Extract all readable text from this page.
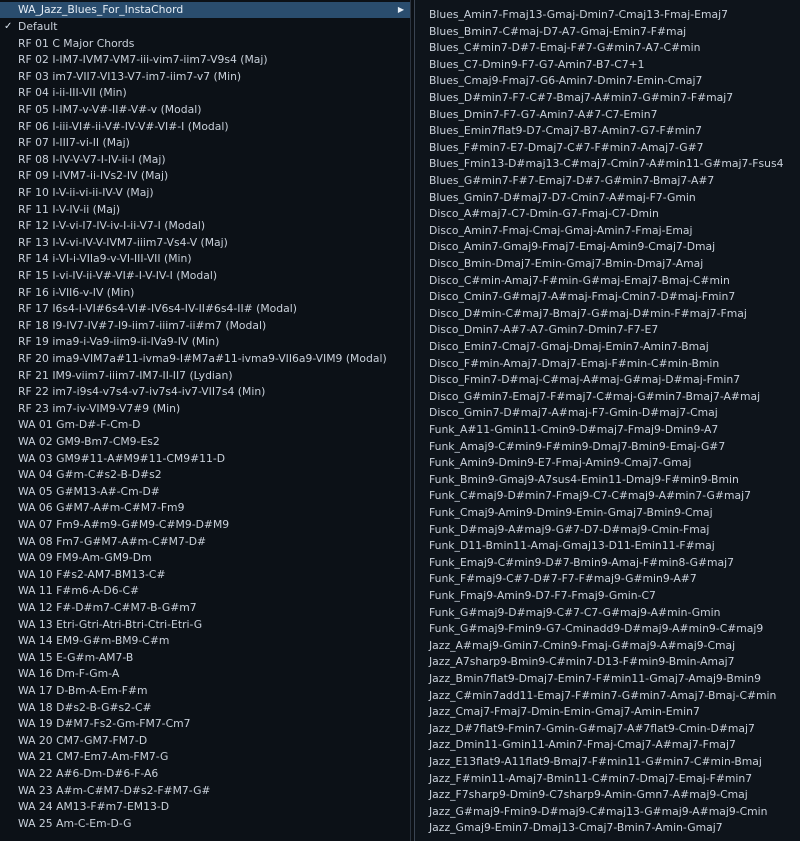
WA_Jazz_Blues_For_InstaChord	▶
✓ Default
RF 01 C Major Chords
RF 02 I-IM7-IVM7-VM7-iii-vim7-iim7-V9s4 (Maj)
RF 03 im7-VII7-VI13-V7-im7-iim7-v7 (Min)
RF 04 i-ii-III-VII (Min)
RF 05 I-IM7-v-V#-II#-V#-v (Modal)
RF 06 I-iii-VI#-ii-V#-IV-V#-VI#-I (Modal)
RF 07 I-III7-vi-II (Maj)
RF 08 I-IV-V-V7-I-IV-ii-I (Maj)
RF 09 I-IVM7-ii-IVs2-IV (Maj)
RF 10 I-V-ii-vi-ii-IV-V (Maj)
RF 11 I-V-IV-ii (Maj)
RF 12 I-V-vi-I7-IV-iv-I-ii-V7-I (Modal)
RF 13 I-V-vi-IV-V-IVM7-iiim7-Vs4-V (Maj)
RF 14 i-VI-i-VIIa9-v-VI-III-VII (Min)
RF 15 I-vi-IV-ii-V#-VI#-I-V-IV-I (Modal)
RF 16 i-VII6-v-IV (Min)
RF 17 I6s4-I-VI#6s4-VI#-IV6s4-IV-II#6s4-II# (Modal)
RF 18 I9-IV7-IV#7-I9-iim7-iiim7-ii#m7 (Modal)
RF 19 ima9-i-Va9-iim9-ii-IVa9-IV (Min)
RF 20 ima9-VIM7a#11-ivma9-I#M7a#11-ivma9-VII6a9-VIM9 (Modal)
RF 21 IM9-viim7-iiim7-IM7-II-II7 (Lydian)
RF 22 im7-i9s4-v7s4-v7-iv7s4-iv7-VII7s4 (Min)
RF 23 im7-iv-VIM9-V7#9 (Min)
WA 01 Gm-D#-F-Cm-D
WA 02 GM9-Bm7-CM9-Es2
WA 03 GM9#11-A#M9#11-CM9#11-D
WA 04 G#m-C#s2-B-D#s2
WA 05 G#M13-A#-Cm-D#
WA 06 G#M7-A#m-C#M7-Fm9
WA 07 Fm9-A#m9-G#M9-C#M9-D#M9
WA 08 Fm7-G#M7-A#m-C#M7-D#
WA 09 FM9-Am-GM9-Dm
WA 10 F#s2-AM7-BM13-C#
WA 11 F#m6-A-D6-C#
WA 12 F#-D#m7-C#M7-B-G#m7
WA 13 Etri-Gtri-Atri-Btri-Ctri-Etri-G
WA 14 EM9-G#m-BM9-C#m
WA 15 E-G#m-AM7-B
WA 16 Dm-F-Gm-A
WA 17 D-Bm-A-Em-F#m
WA 18 D#s2-B-G#s2-C#
WA 19 D#M7-Fs2-Gm-FM7-Cm7
WA 20 CM7-GM7-FM7-D
WA 21 CM7-Em7-Am-FM7-G
WA 22 A#6-Dm-D#6-F-A6
WA 23 A#m-C#M7-D#s2-F#M7-G#
WA 24 AM13-F#m7-EM13-D
WA 25 Am-C-Em-D-G
Blues_Amin7-Fmaj13-Gmaj-Dmin7-Cmaj13-Fmaj-Emaj7
Blues_Bmin7-C#maj-D7-A7-Gmaj-Emin7-F#maj
Blues_C#min7-D#7-Emaj-F#7-G#min7-A7-C#min
Blues_C7-Dmin9-F7-G7-Amin7-B7-C7+1
Blues_Cmaj9-Fmaj7-G6-Amin7-Dmin7-Emin-Cmaj7
Blues_D#min7-F7-C#7-Bmaj7-A#min7-G#min7-F#maj7
Blues_Dmin7-F7-G7-Amin7-A#7-C7-Emin7
Blues_Emin7flat9-D7-Cmaj7-B7-Amin7-G7-F#min7
Blues_F#min7-E7-Dmaj7-C#7-F#min7-Amaj7-G#7
Blues_Fmin13-D#maj13-C#maj7-Cmin7-A#min11-G#maj7-Fsus4
Blues_G#min7-F#7-Emaj7-D#7-G#min7-Bmaj7-A#7
Blues_Gmin7-D#maj7-D7-Cmin7-A#maj-F7-Gmin
Disco_A#maj7-C7-Dmin-G7-Fmaj-C7-Dmin
Disco_Amin7-Fmaj-Cmaj-Gmaj-Amin7-Fmaj-Emaj
Disco_Amin7-Gmaj9-Fmaj7-Emaj-Amin9-Cmaj7-Dmaj
Disco_Bmin-Dmaj7-Emin-Gmaj7-Bmin-Dmaj7-Amaj
Disco_C#min-Amaj7-F#min-G#maj-Emaj7-Bmaj-C#min
Disco_Cmin7-G#maj7-A#maj-Fmaj-Cmin7-D#maj-Fmin7
Disco_D#min-C#maj7-Bmaj7-G#maj-D#min-F#maj7-Fmaj
Disco_Dmin7-A#7-A7-Gmin7-Dmin7-F7-E7
Disco_Emin7-Cmaj7-Gmaj-Dmaj-Emin7-Amin7-Bmaj
Disco_F#min-Amaj7-Dmaj7-Emaj-F#min-C#min-Bmin
Disco_Fmin7-D#maj-C#maj-A#maj-G#maj-D#maj-Fmin7
Disco_G#min7-Emaj7-F#maj7-C#maj-G#min7-Bmaj7-A#maj
Disco_Gmin7-D#maj7-A#maj-F7-Gmin-D#maj7-Cmaj
Funk_A#11-Gmin11-Cmin9-D#maj7-Fmaj9-Dmin9-A7
Funk_Amaj9-C#min9-F#min9-Dmaj7-Bmin9-Emaj-G#7
Funk_Amin9-Dmin9-E7-Fmaj-Amin9-Cmaj7-Gmaj
Funk_Bmin9-Gmaj9-A7sus4-Emin11-Dmaj9-F#min9-Bmin
Funk_C#maj9-D#min7-Fmaj9-C7-C#maj9-A#min7-G#maj7
Funk_Cmaj9-Amin9-Dmin9-Emin-Gmaj7-Bmin9-Cmaj
Funk_D#maj9-A#maj9-G#7-D7-D#maj9-Cmin-Fmaj
Funk_D11-Bmin11-Amaj-Gmaj13-D11-Emin11-F#maj
Funk_Emaj9-C#min9-D#7-Bmin9-Amaj-F#min8-G#maj7
Funk_F#maj9-C#7-D#7-F7-F#maj9-G#min9-A#7
Funk_Fmaj9-Amin9-D7-F7-Fmaj9-Gmin-C7
Funk_G#maj9-D#maj9-C#7-C7-G#maj9-A#min-Gmin
Funk_G#maj9-Fmin9-G7-Cminadd9-D#maj9-A#min9-C#maj9
Jazz_A#maj9-Gmin7-Cmin9-Fmaj-G#maj9-A#maj9-Cmaj
Jazz_A7sharp9-Bmin9-C#min7-D13-F#min9-Bmin-Amaj7
Jazz_Bmin7flat9-Dmaj7-Emin7-F#min11-Gmaj7-Amaj9-Bmin9
Jazz_C#min7add11-Emaj7-F#min7-G#min7-Amaj7-Bmaj-C#min
Jazz_Cmaj7-Fmaj7-Dmin-Emin-Gmaj7-Amin-Emin7
Jazz_D#7flat9-Fmin7-Gmin-G#maj7-A#7flat9-Cmin-D#maj7
Jazz_Dmin11-Gmin11-Amin7-Fmaj-Cmaj7-A#maj7-Fmaj7
Jazz_E13flat9-A11flat9-Bmaj7-F#min11-G#min7-C#min-Bmaj
Jazz_F#min11-Amaj7-Bmin11-C#min7-Dmaj7-Emaj-F#min7
Jazz_F7sharp9-Dmin9-C7sharp9-Amin-Gmn7-A#maj9-Cmaj
Jazz_G#maj9-Fmin9-D#maj9-C#maj13-G#maj9-A#maj9-Cmin
Jazz_Gmaj9-Emin7-Dmaj13-Cmaj7-Bmin7-Amin-Gmaj7
